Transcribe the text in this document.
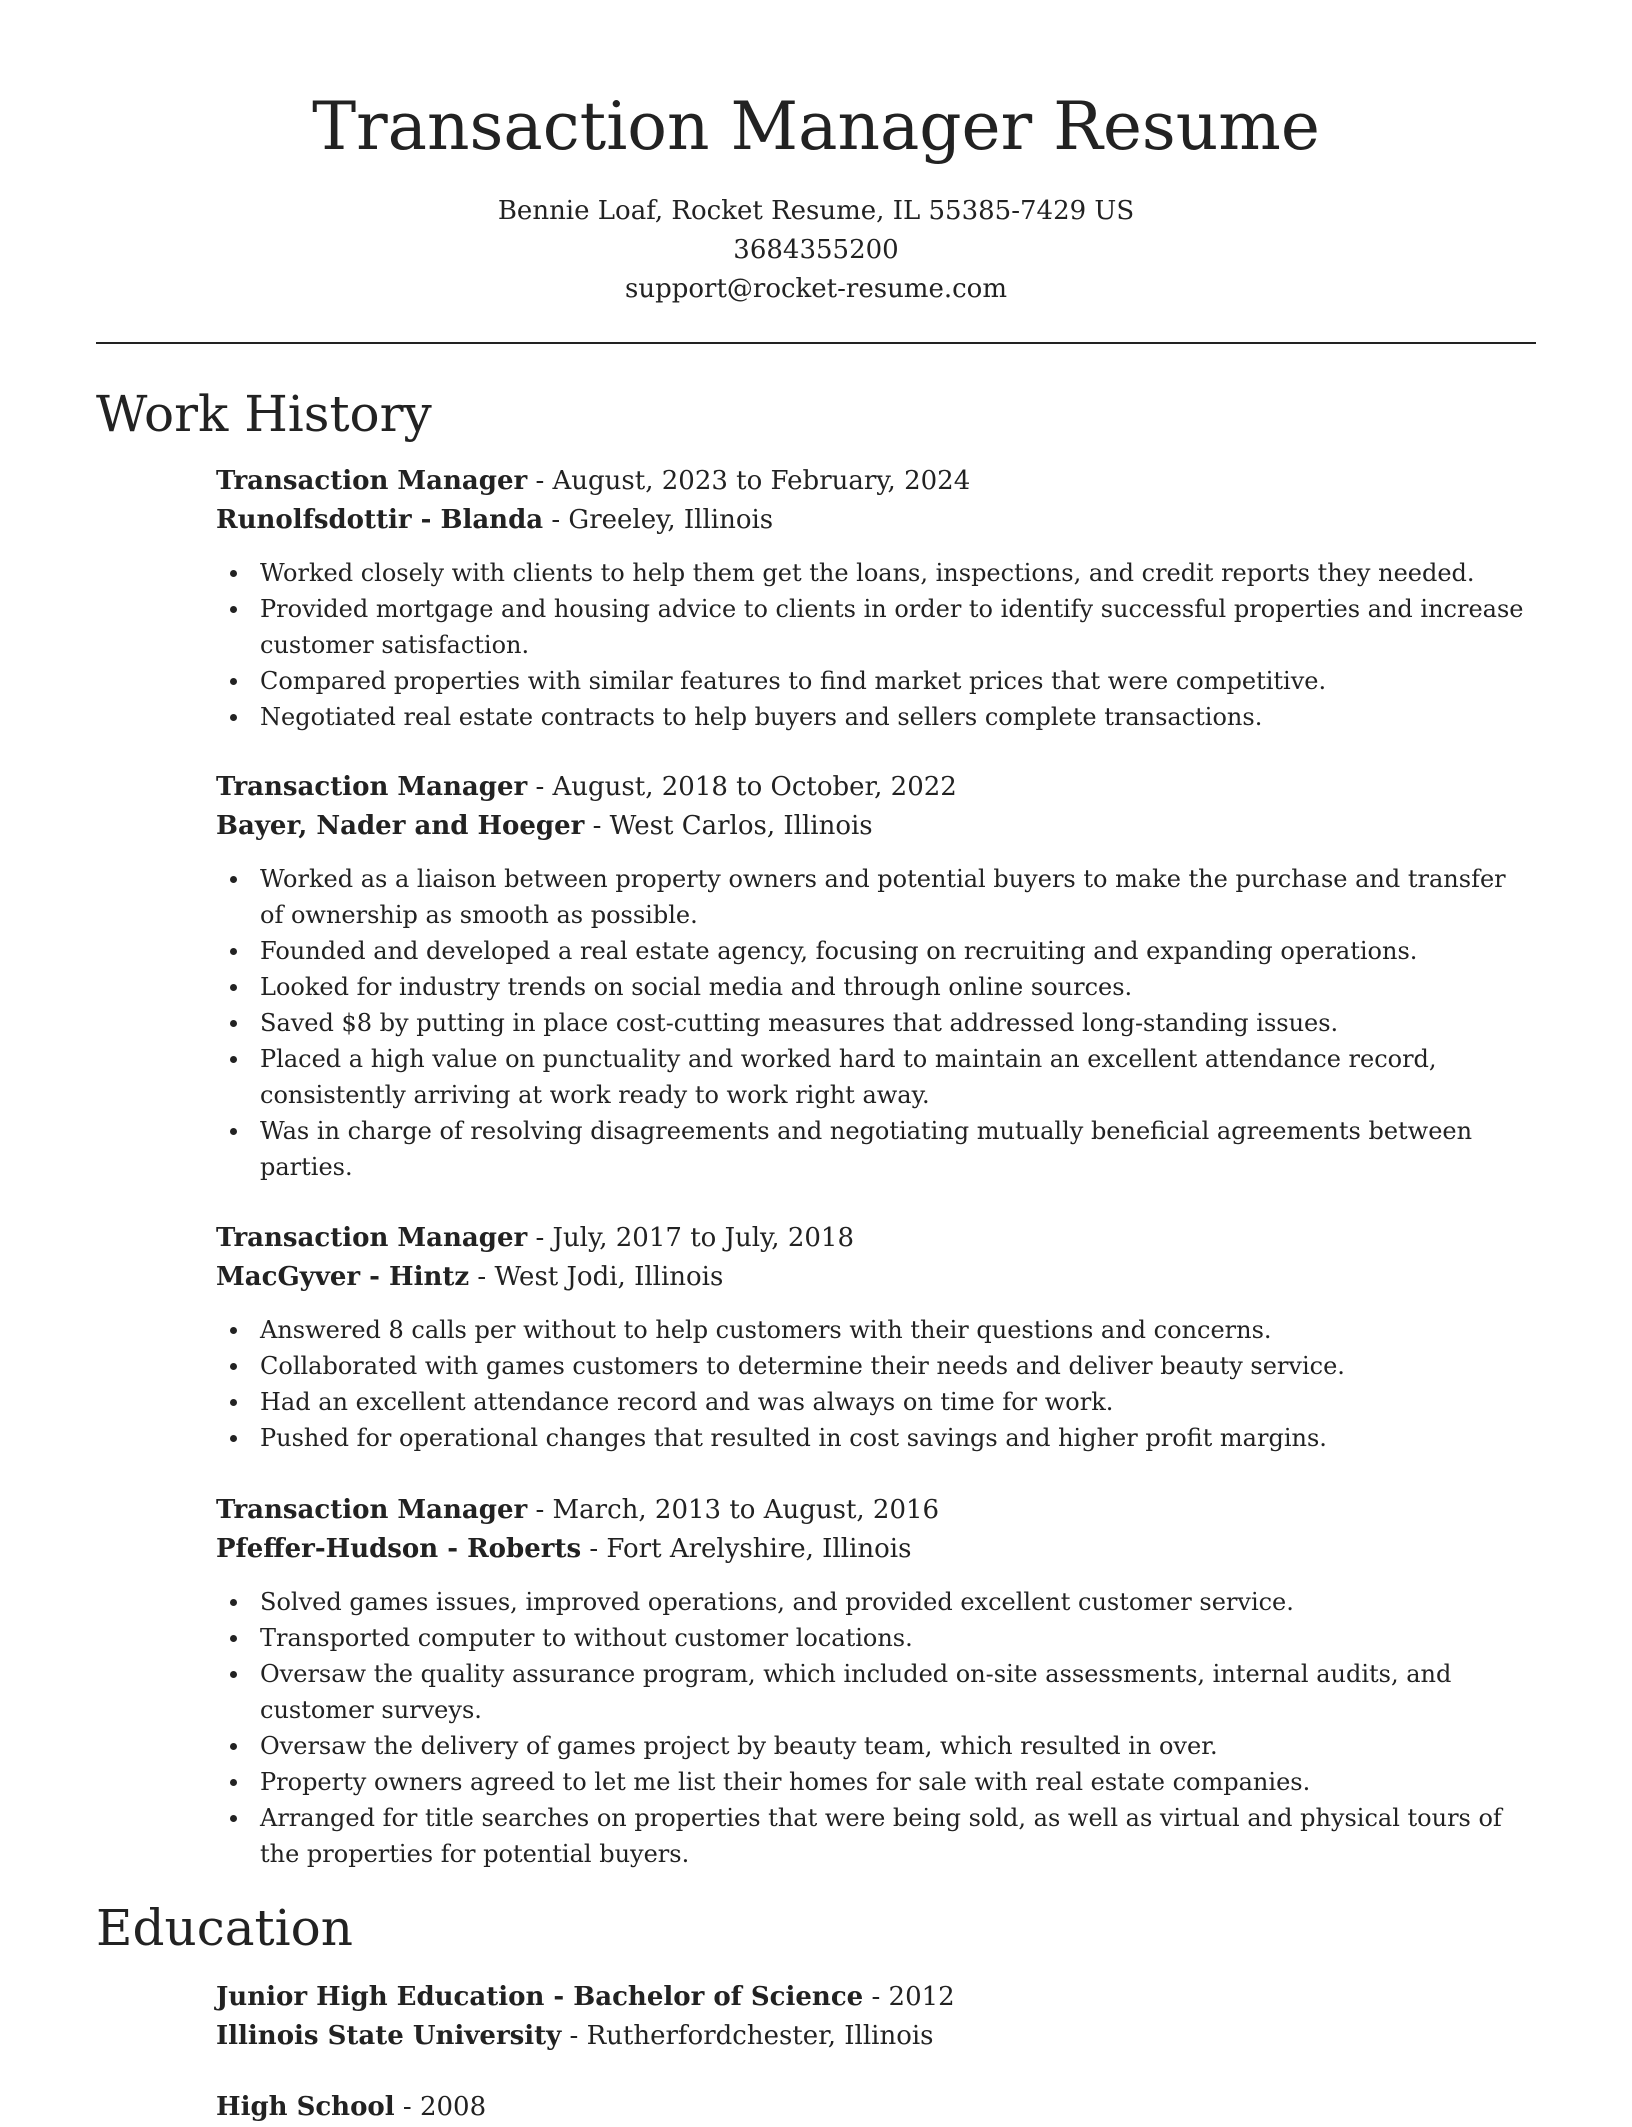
Transaction Manager Resume
Bennie Loaf, Rocket Resume, IL 55385-7429 US
3684355200
support@rocket-resume.com
Work History
Transaction Manager - August, 2023 to February, 2024
Runolfsdottir - Blanda - Greeley, Illinois
Worked closely with clients to help them get the loans, inspections, and credit reports they needed.
Provided mortgage and housing advice to clients in order to identify successful properties and increase customer satisfaction.
Compared properties with similar features to find market prices that were competitive.
Negotiated real estate contracts to help buyers and sellers complete transactions.
Transaction Manager - August, 2018 to October, 2022
Bayer, Nader and Hoeger - West Carlos, Illinois
Worked as a liaison between property owners and potential buyers to make the purchase and transfer of ownership as smooth as possible.
Founded and developed a real estate agency, focusing on recruiting and expanding operations.
Looked for industry trends on social media and through online sources.
Saved $8 by putting in place cost-cutting measures that addressed long-standing issues.
Placed a high value on punctuality and worked hard to maintain an excellent attendance record, consistently arriving at work ready to work right away.
Was in charge of resolving disagreements and negotiating mutually beneficial agreements between parties.
Transaction Manager - July, 2017 to July, 2018
MacGyver - Hintz - West Jodi, Illinois
Answered 8 calls per without to help customers with their questions and concerns.
Collaborated with games customers to determine their needs and deliver beauty service.
Had an excellent attendance record and was always on time for work.
Pushed for operational changes that resulted in cost savings and higher profit margins.
Transaction Manager - March, 2013 to August, 2016
Pfeffer-Hudson - Roberts - Fort Arelyshire, Illinois
Solved games issues, improved operations, and provided excellent customer service.
Transported computer to without customer locations.
Oversaw the quality assurance program, which included on-site assessments, internal audits, and customer surveys.
Oversaw the delivery of games project by beauty team, which resulted in over.
Property owners agreed to let me list their homes for sale with real estate companies.
Arranged for title searches on properties that were being sold, as well as virtual and physical tours of the properties for potential buyers.
Education
Junior High Education - Bachelor of Science - 2012
Illinois State University - Rutherfordchester, Illinois
High School - 2008
